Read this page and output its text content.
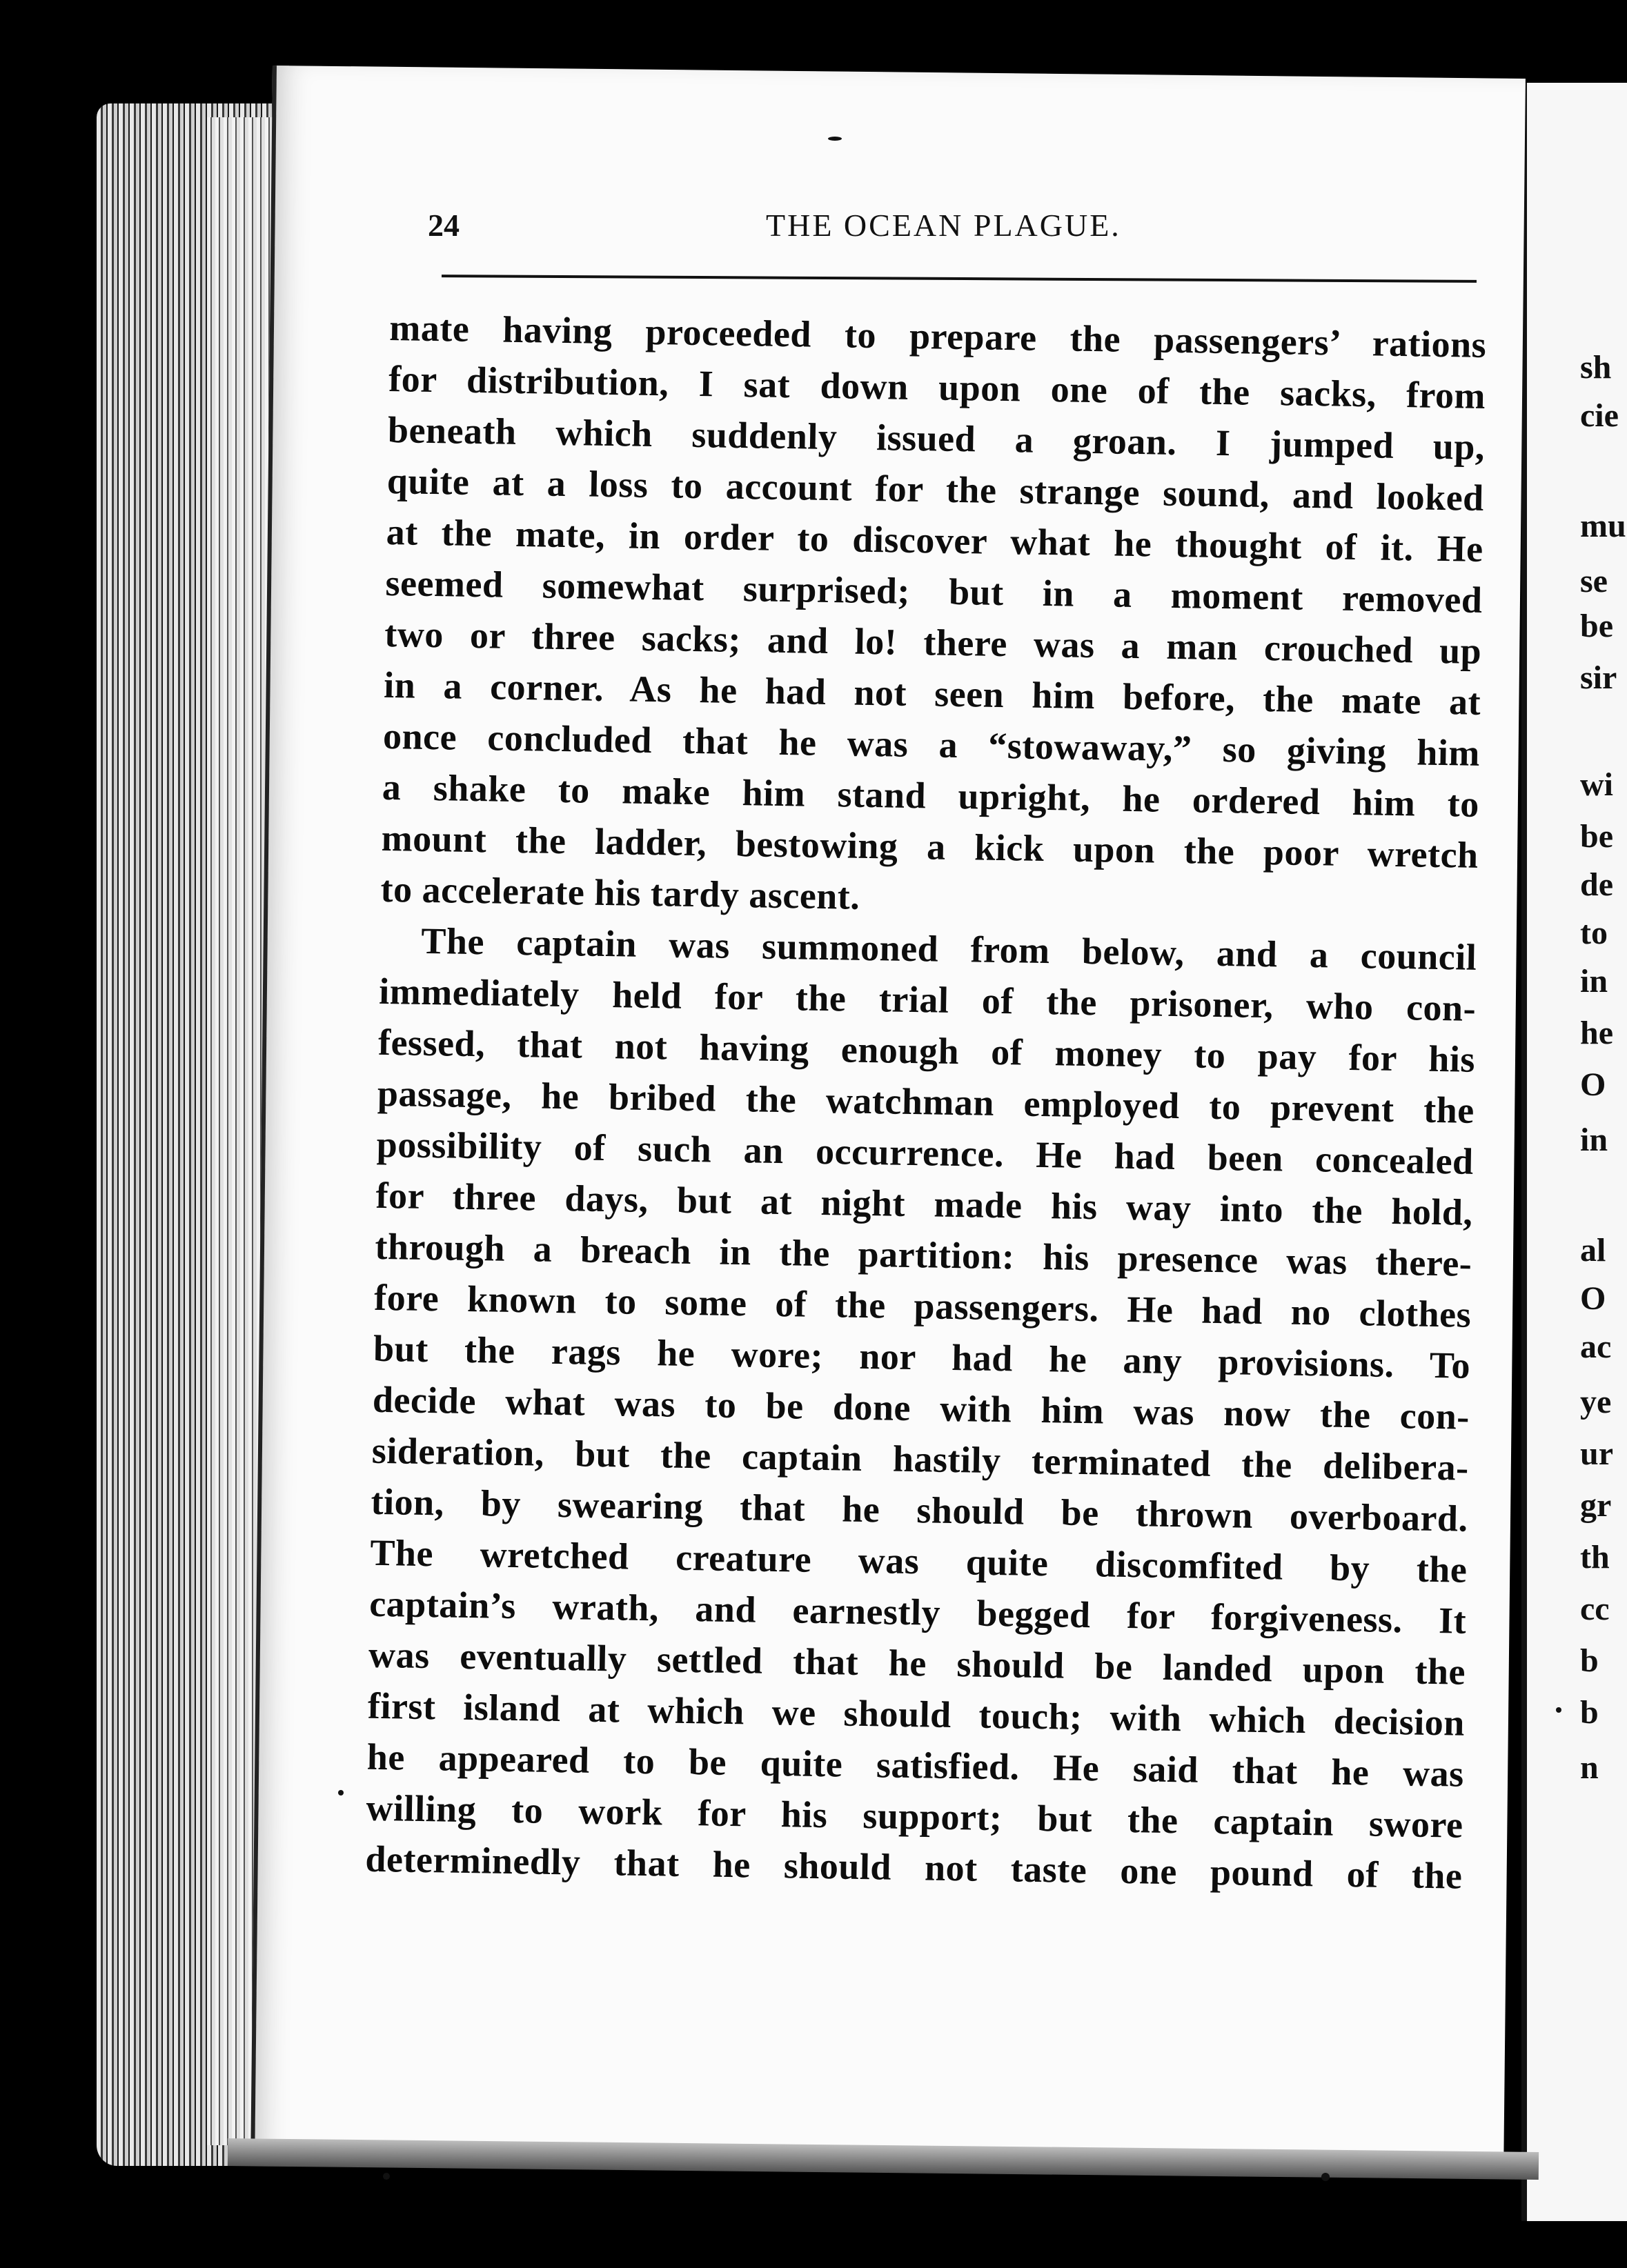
24	THE OCEAN PLAGUE.
mate having proceeded to prepare the passengers’ rations
for distribution, I sat down upon one of the sacks, from
beneath which suddenly issued a groan. I jumped up,
quite at a loss to account for the strange sound, and looked
at the mate, in order to discover what he thought of it. He
seemed somewhat surprised; but in a moment removed
two or three sacks; and lo! there was a man crouched up
in a corner. As he had not seen him before, the mate at
once concluded that he was a “stowaway,” so giving him
a shake to make him stand upright, he ordered him to
mount the ladder, bestowing a kick upon the poor wretch
to accelerate his tardy ascent.
The captain was summoned from below, and a council
immediately held for the trial of the prisoner, who con-
fessed, that not having enough of money to pay for his
passage, he bribed the watchman employed to prevent the
possibility of such an occurrence. He had been concealed
for three days, but at night made his way into the hold,
through a breach in the partition: his presence was there-
fore known to some of the passengers. He had no clothes
but the rags he wore; nor had he any provisions. To
decide what was to be done with him was now the con-
sideration, but the captain hastily terminated the delibera-
tion, by swearing that he should be thrown overboard.
The wretched creature was quite discomfited by the
captain’s wrath, and earnestly begged for forgiveness. It
was eventually settled that he should be landed upon the
first island at which we should touch; with which decision
he appeared to be quite satisfied. He said that he was
willing to work for his support; but the captain swore
determinedly that he should not taste one pound of the
sh
cie
mu
se
be
sir
wi
be
de
to
in
he
O
in
al
O
ac
ye
ur
gr
th
cc
b
b
n
